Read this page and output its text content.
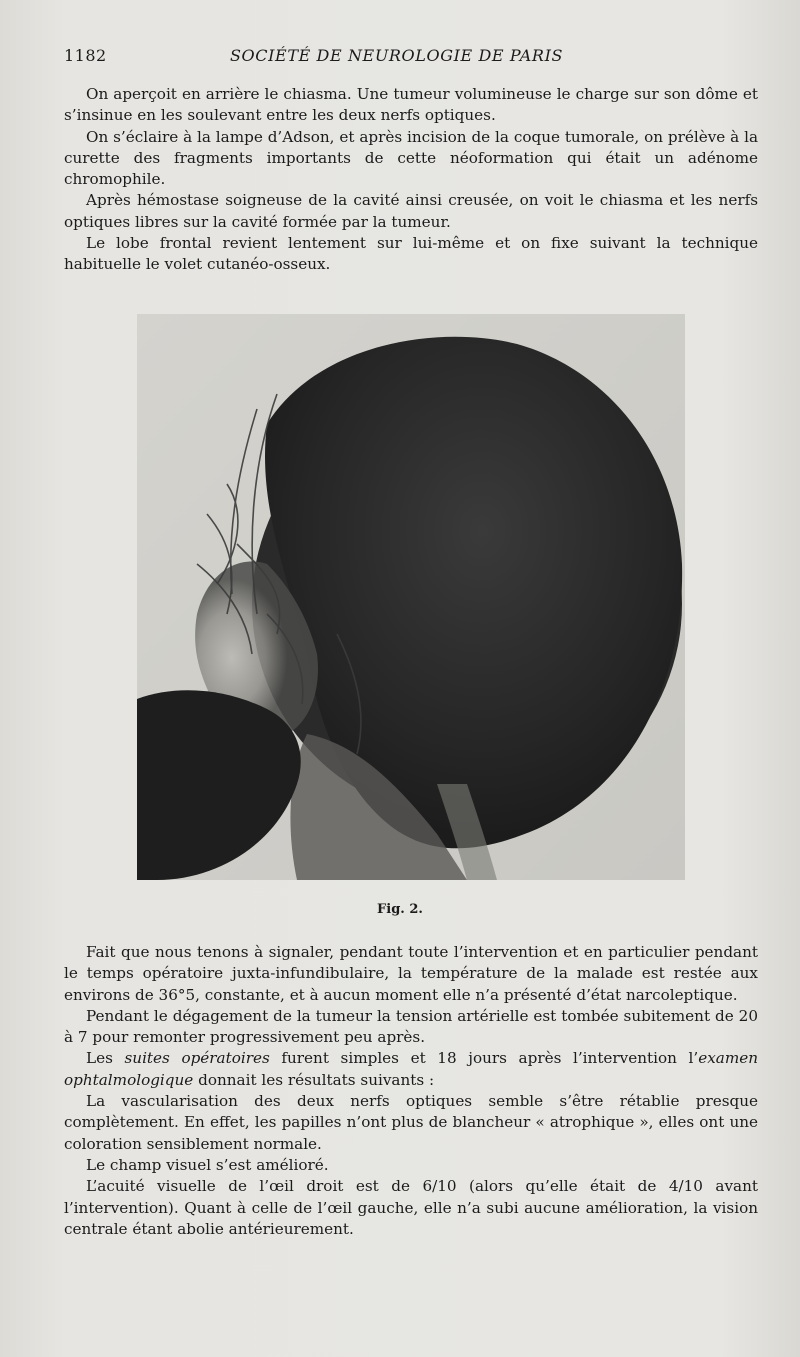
1182	SOCIÉTÉ DE NEUROLOGIE DE PARIS

On aperçoit en arrière le chiasma. Une tumeur volumineuse le charge sur son dôme et s’insinue en les soulevant entre les deux nerfs optiques.

On s’éclaire à la lampe d’Adson, et après incision de la coque tumorale, on prélève à la curette des fragments importants de cette néoformation qui était un adénome chromophile.

Après hémostase soigneuse de la cavité ainsi creusée, on voit le chiasma et les nerfs optiques libres sur la cavité formée par la tumeur.

Le lobe frontal revient lentement sur lui-même et on fixe suivant la technique habituelle le volet cutanéo-osseux.

Fig. 2.

Fait que nous tenons à signaler, pendant toute l’intervention et en particulier pendant le temps opératoire juxta-infundibulaire, la température de la malade est restée aux environs de 36°5, constante, et à aucun moment elle n’a présenté d’état narcoleptique.

Pendant le dégagement de la tumeur la tension artérielle est tombée subitement de 20 à 7 pour remonter progressivement peu après.

Les suites opératoires furent simples et 18 jours après l’intervention l’examen ophtalmologique donnait les résultats suivants :

La vascularisation des deux nerfs optiques semble s’être rétablie presque complètement. En effet, les papilles n’ont plus de blancheur « atrophique », elles ont une coloration sensiblement normale.

Le champ visuel s’est amélioré.

L’acuité visuelle de l’œil droit est de 6/10 (alors qu’elle était de 4/10 avant l’intervention). Quant à celle de l’œil gauche, elle n’a subi aucune amélioration, la vision centrale étant abolie antérieurement.
